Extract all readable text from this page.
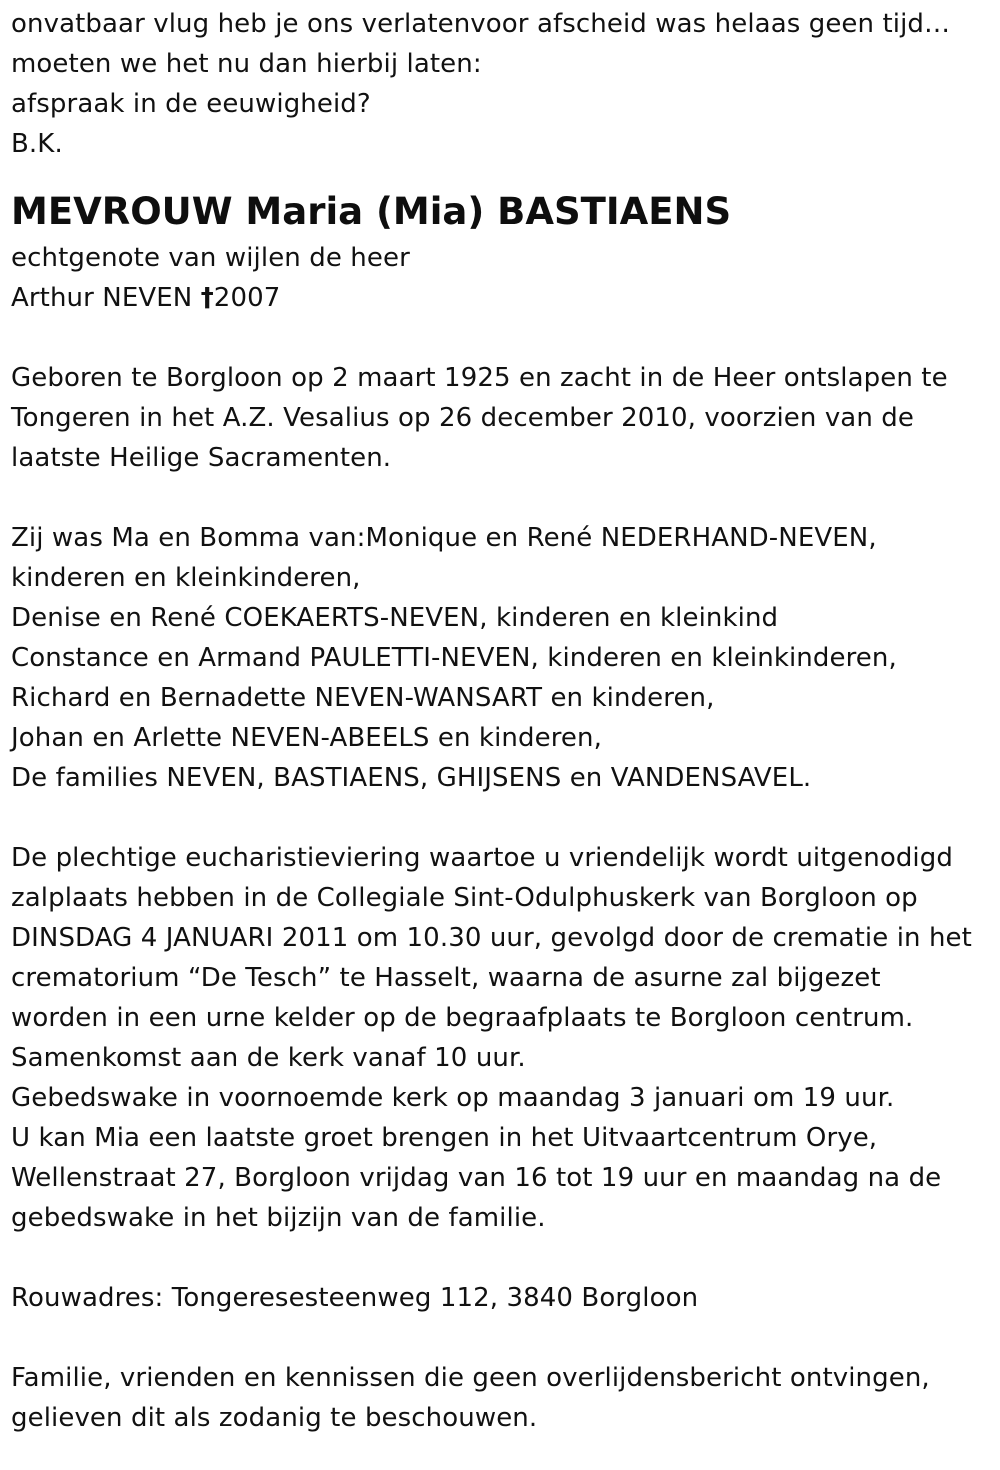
onvatbaar vlug heb je ons verlatenvoor afscheid was helaas geen tijd…
moeten we het nu dan hierbij laten:
afspraak in de eeuwigheid?
B.K.
MEVROUW Maria (Mia) BASTIAENS
echtgenote van wijlen de heer
Arthur NEVEN †2007
Geboren te Borgloon op 2 maart 1925 en zacht in de Heer ontslapen te
Tongeren in het A.Z. Vesalius op 26 december 2010, voorzien van de
laatste Heilige Sacramenten.
Zij was Ma en Bomma van:Monique en René NEDERHAND-NEVEN,
kinderen en kleinkinderen,
Denise en René COEKAERTS-NEVEN, kinderen en kleinkind
Constance en Armand PAULETTI-NEVEN, kinderen en kleinkinderen,
Richard en Bernadette NEVEN-WANSART en kinderen,
Johan en Arlette NEVEN-ABEELS en kinderen,
De families NEVEN, BASTIAENS, GHIJSENS en VANDENSAVEL.
De plechtige eucharistieviering waartoe u vriendelijk wordt uitgenodigd
zalplaats hebben in de Collegiale Sint-Odulphuskerk van Borgloon op
DINSDAG 4 JANUARI 2011 om 10.30 uur, gevolgd door de crematie in het
crematorium “De Tesch” te Hasselt, waarna de asurne zal bijgezet
worden in een urne kelder op de begraafplaats te Borgloon centrum.
Samenkomst aan de kerk vanaf 10 uur.
Gebedswake in voornoemde kerk op maandag 3 januari om 19 uur.
U kan Mia een laatste groet brengen in het Uitvaartcentrum Orye,
Wellenstraat 27, Borgloon vrijdag van 16 tot 19 uur en maandag na de
gebedswake in het bijzijn van de familie.
Rouwadres: Tongeresesteenweg 112, 3840 Borgloon
Familie, vrienden en kennissen die geen overlijdensbericht ontvingen,
gelieven dit als zodanig te beschouwen.
